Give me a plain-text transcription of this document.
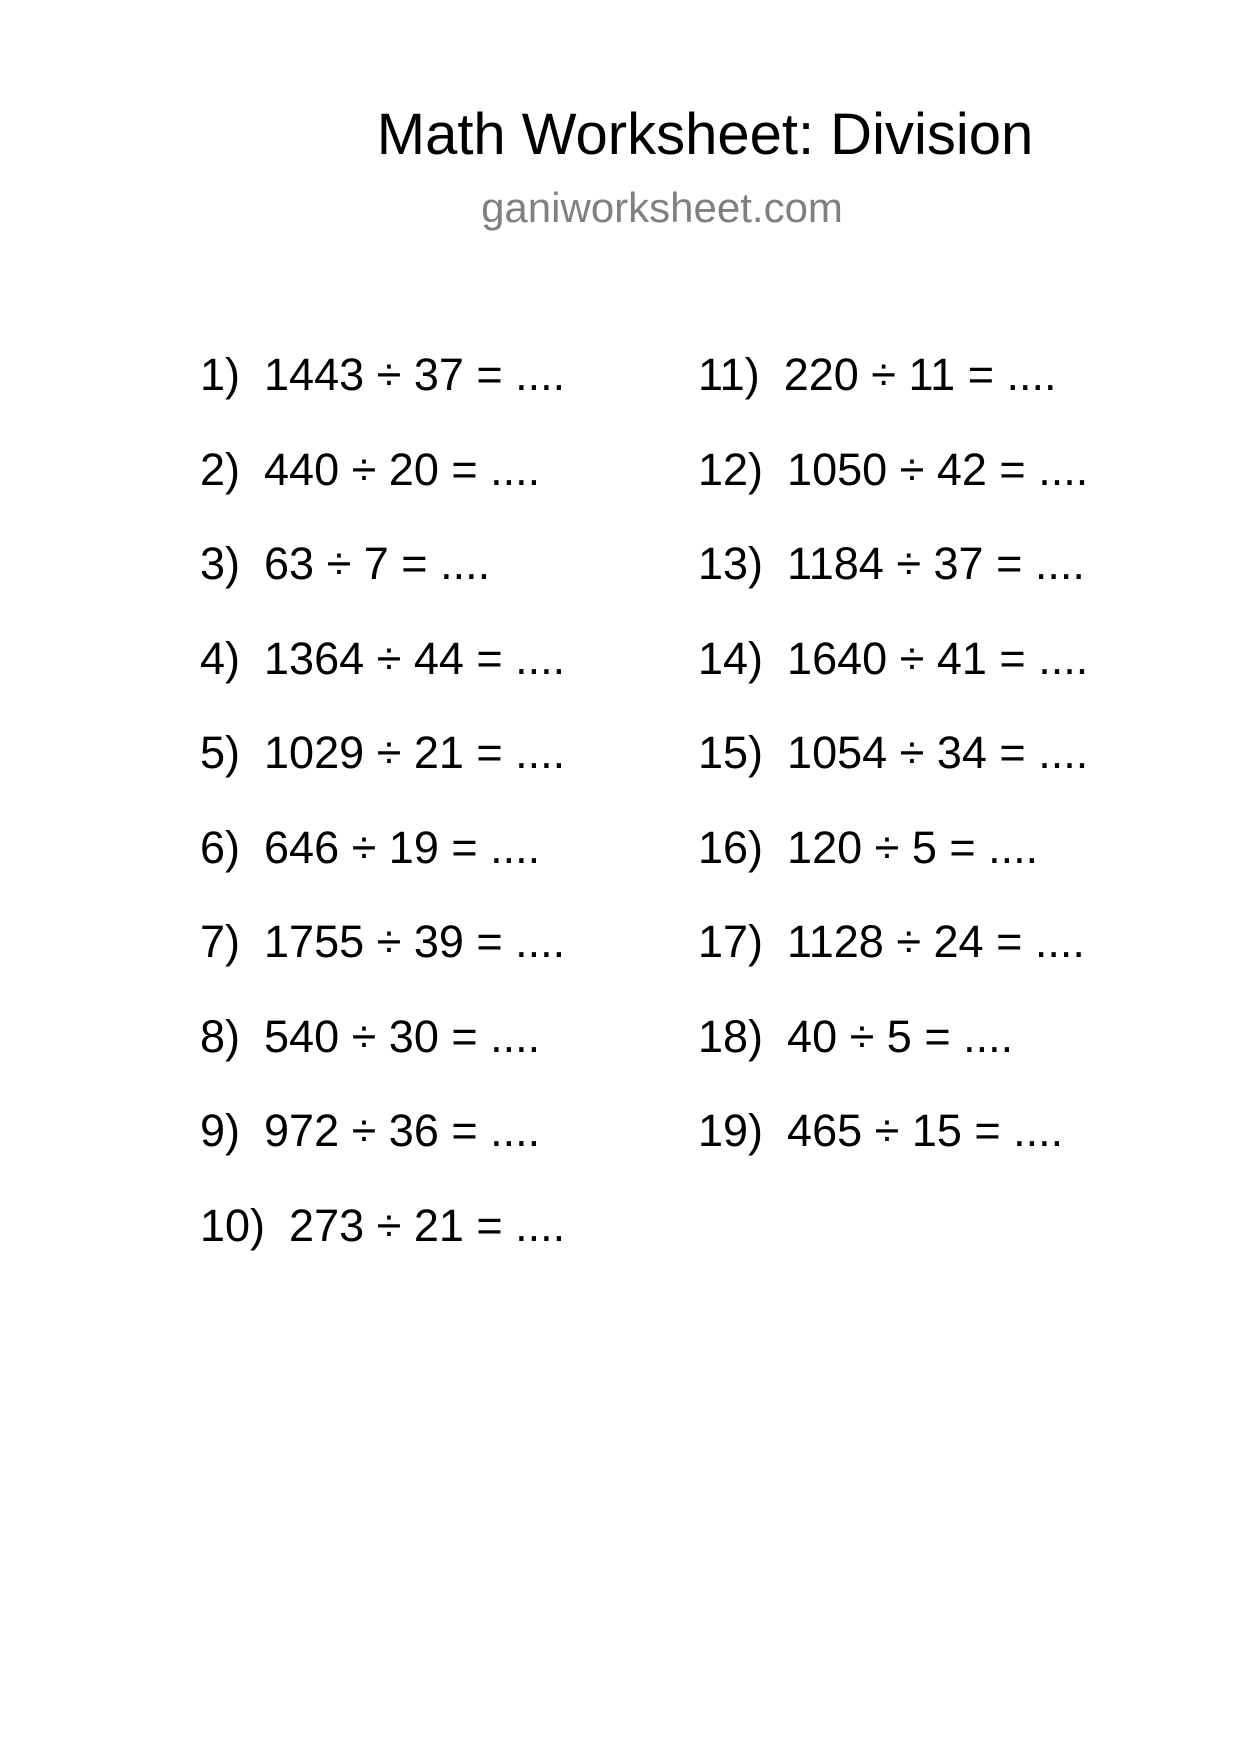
Math Worksheet: Division
ganiworksheet.com
1) 1443 ÷ 37 = ....
2) 440 ÷ 20 = ....
3) 63 ÷ 7 = ....
4) 1364 ÷ 44 = ....
5) 1029 ÷ 21 = ....
6) 646 ÷ 19 = ....
7) 1755 ÷ 39 = ....
8) 540 ÷ 30 = ....
9) 972 ÷ 36 = ....
10) 273 ÷ 21 = ....
11) 220 ÷ 11 = ....
12) 1050 ÷ 42 = ....
13) 1184 ÷ 37 = ....
14) 1640 ÷ 41 = ....
15) 1054 ÷ 34 = ....
16) 120 ÷ 5 = ....
17) 1128 ÷ 24 = ....
18) 40 ÷ 5 = ....
19) 465 ÷ 15 = ....
